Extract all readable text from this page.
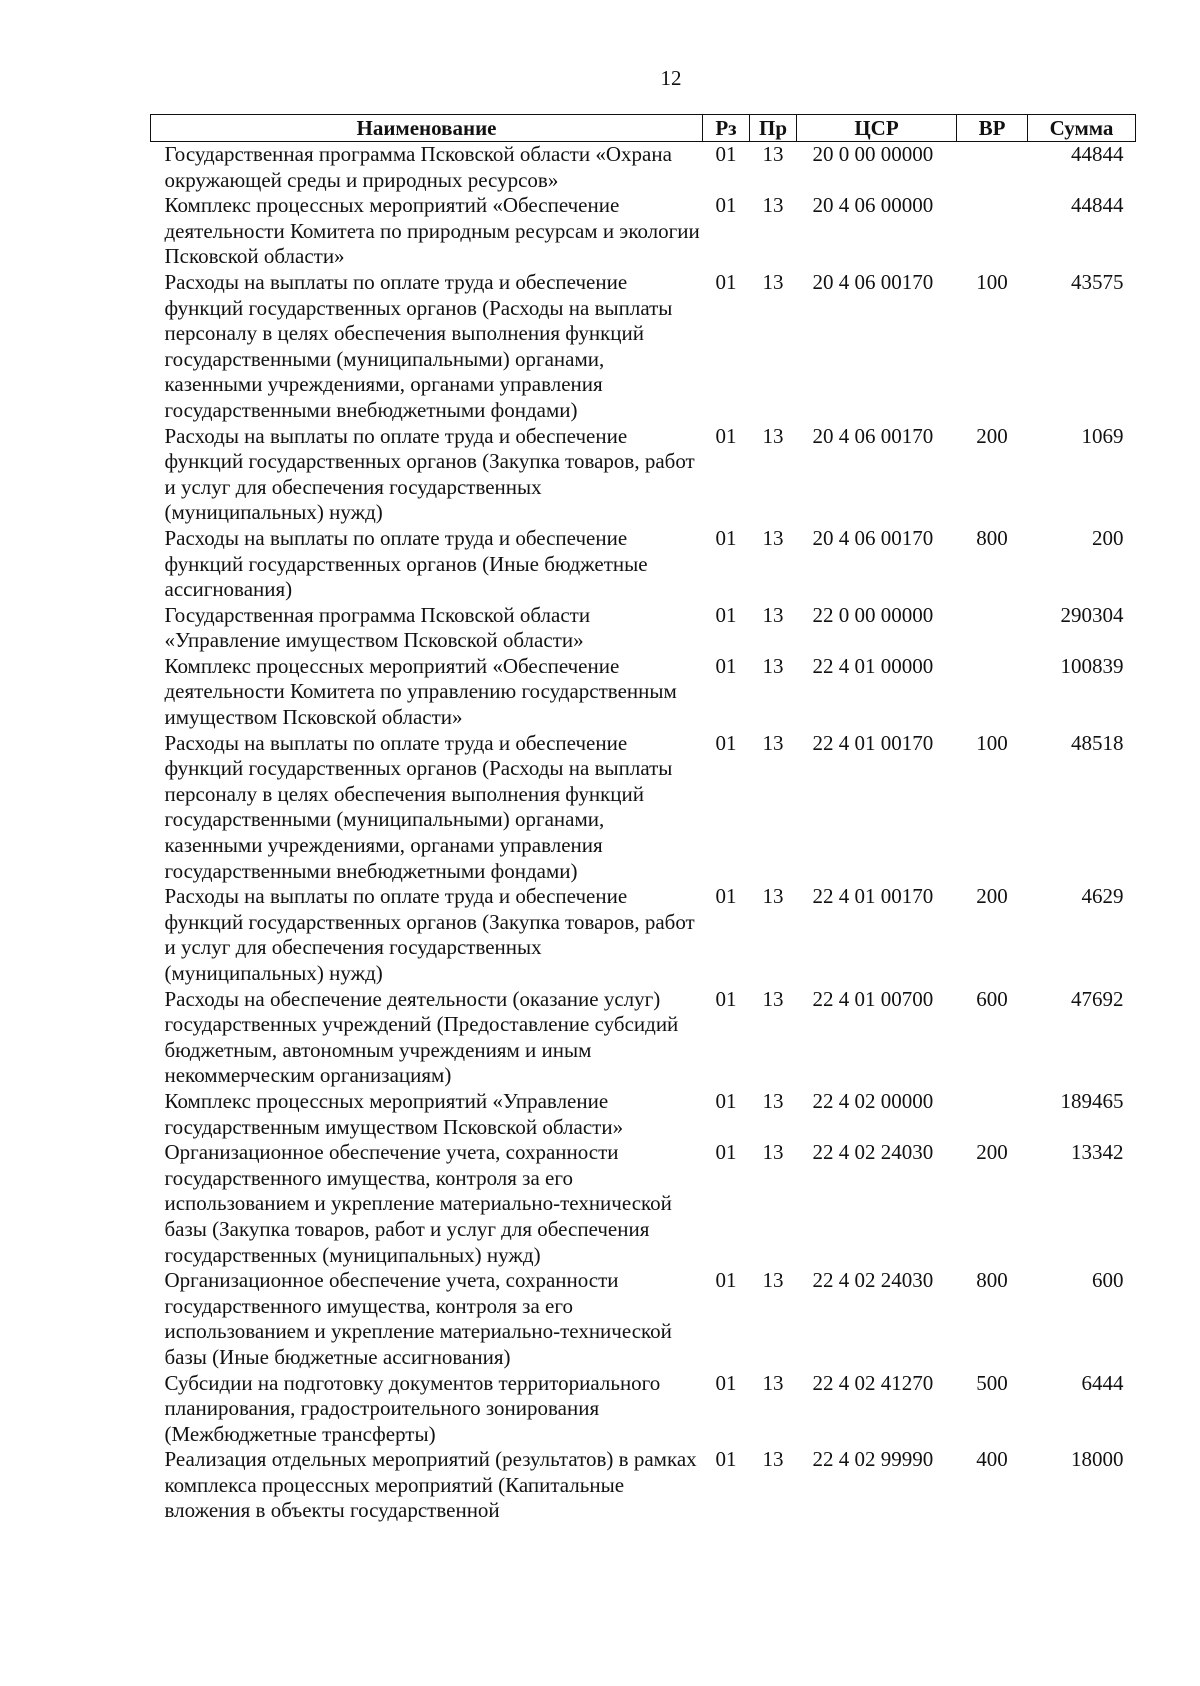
12
Наименование	Рз	Пр	ЦСР	ВР	Сумма
Государственная программа Псковской области «Охрана окружающей среды и природных ресурсов»	01	13	20 0 00 00000		44844
Комплекс процессных мероприятий «Обеспечение деятельности Комитета по природным ресурсам и экологии Псковской области»	01	13	20 4 06 00000		44844
Расходы на выплаты по оплате труда и обеспечение функций государственных органов (Расходы на выплаты персоналу в целях обеспечения выполнения функций государственными (муниципальными) органами, казенными учреждениями, органами управления государственными внебюджетными фондами)	01	13	20 4 06 00170	100	43575
Расходы на выплаты по оплате труда и обеспечение функций государственных органов (Закупка товаров, работ и услуг для обеспечения государственных (муниципальных) нужд)	01	13	20 4 06 00170	200	1069
Расходы на выплаты по оплате труда и обеспечение функций государственных органов (Иные бюджетные ассигнования)	01	13	20 4 06 00170	800	200
Государственная программа Псковской области «Управление имуществом Псковской области»	01	13	22 0 00 00000		290304
Комплекс процессных мероприятий «Обеспечение деятельности Комитета по управлению государственным имуществом Псковской области»	01	13	22 4 01 00000		100839
Расходы на выплаты по оплате труда и обеспечение функций государственных органов (Расходы на выплаты персоналу в целях обеспечения выполнения функций государственными (муниципальными) органами, казенными учреждениями, органами управления государственными внебюджетными фондами)	01	13	22 4 01 00170	100	48518
Расходы на выплаты по оплате труда и обеспечение функций государственных органов (Закупка товаров, работ и услуг для обеспечения государственных (муниципальных) нужд)	01	13	22 4 01 00170	200	4629
Расходы на обеспечение деятельности (оказание услуг) государственных учреждений (Предоставление субсидий бюджетным, автономным учреждениям и иным некоммерческим организациям)	01	13	22 4 01 00700	600	47692
Комплекс процессных мероприятий «Управление государственным имуществом Псковской области»	01	13	22 4 02 00000		189465
Организационное обеспечение учета, сохранности государственного имущества, контроля за его использованием и укрепление материально-технической базы (Закупка товаров, работ и услуг для обеспечения государственных (муниципальных) нужд)	01	13	22 4 02 24030	200	13342
Организационное обеспечение учета, сохранности государственного имущества, контроля за его использованием и укрепление материально-технической базы (Иные бюджетные ассигнования)	01	13	22 4 02 24030	800	600
Субсидии на подготовку документов территориального планирования, градостроительного зонирования (Межбюджетные трансферты)	01	13	22 4 02 41270	500	6444
Реализация отдельных мероприятий (результатов) в рамках комплекса процессных мероприятий (Капитальные вложения в объекты государственной	01	13	22 4 02 99990	400	18000
